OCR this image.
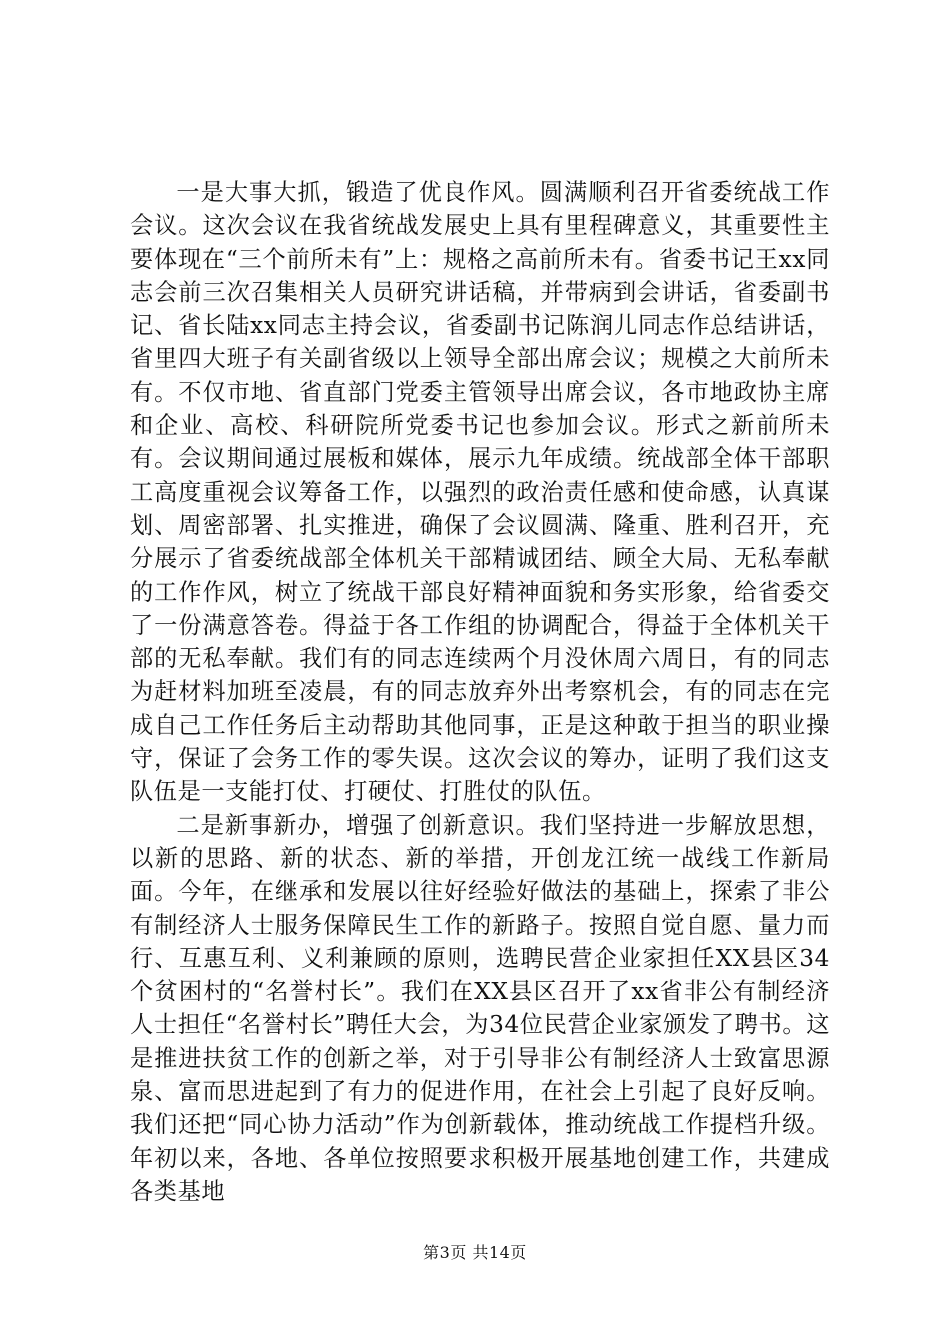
一是大事大抓，锻造了优良作风。圆满顺利召开省委统战工作会议。这次会议在我省统战发展史上具有里程碑意义，其重要性主要体现在“三个前所未有”上：规格之高前所未有。省委书记王xx同志会前三次召集相关人员研究讲话稿，并带病到会讲话，省委副书记、省长陆xx同志主持会议，省委副书记陈润儿同志作总结讲话，省里四大班子有关副省级以上领导全部出席会议；规模之大前所未有。不仅市地、省直部门党委主管领导出席会议，各市地政协主席和企业、高校、科研院所党委书记也参加会议。形式之新前所未有。会议期间通过展板和媒体，展示九年成绩。统战部全体干部职工高度重视会议筹备工作，以强烈的政治责任感和使命感，认真谋划、周密部署、扎实推进，确保了会议圆满、隆重、胜利召开，充分展示了省委统战部全体机关干部精诚团结、顾全大局、无私奉献的工作作风，树立了统战干部良好精神面貌和务实形象，给省委交了一份满意答卷。得益于各工作组的协调配合，得益于全体机关干部的无私奉献。我们有的同志连续两个月没休周六周日，有的同志为赶材料加班至凌晨，有的同志放弃外出考察机会，有的同志在完成自己工作任务后主动帮助其他同事，正是这种敢于担当的职业操守，保证了会务工作的零失误。这次会议的筹办，证明了我们这支队伍是一支能打仗、打硬仗、打胜仗的队伍。

二是新事新办，增强了创新意识。我们坚持进一步解放思想，以新的思路、新的状态、新的举措，开创龙江统一战线工作新局面。今年，在继承和发展以往好经验好做法的基础上，探索了非公有制经济人士服务保障民生工作的新路子。按照自觉自愿、量力而行、互惠互利、义利兼顾的原则，选聘民营企业家担任XX县区34个贫困村的“名誉村长”。我们在XX县区召开了xx省非公有制经济人士担任“名誉村长”聘任大会，为34位民营企业家颁发了聘书。这是推进扶贫工作的创新之举，对于引导非公有制经济人士致富思源泉、富而思进起到了有力的促进作用，在社会上引起了良好反响。我们还把“同心协力活动”作为创新载体，推动统战工作提档升级。年初以来，各地、各单位按照要求积极开展基地创建工作，共建成各类基地

第3页 共14页
